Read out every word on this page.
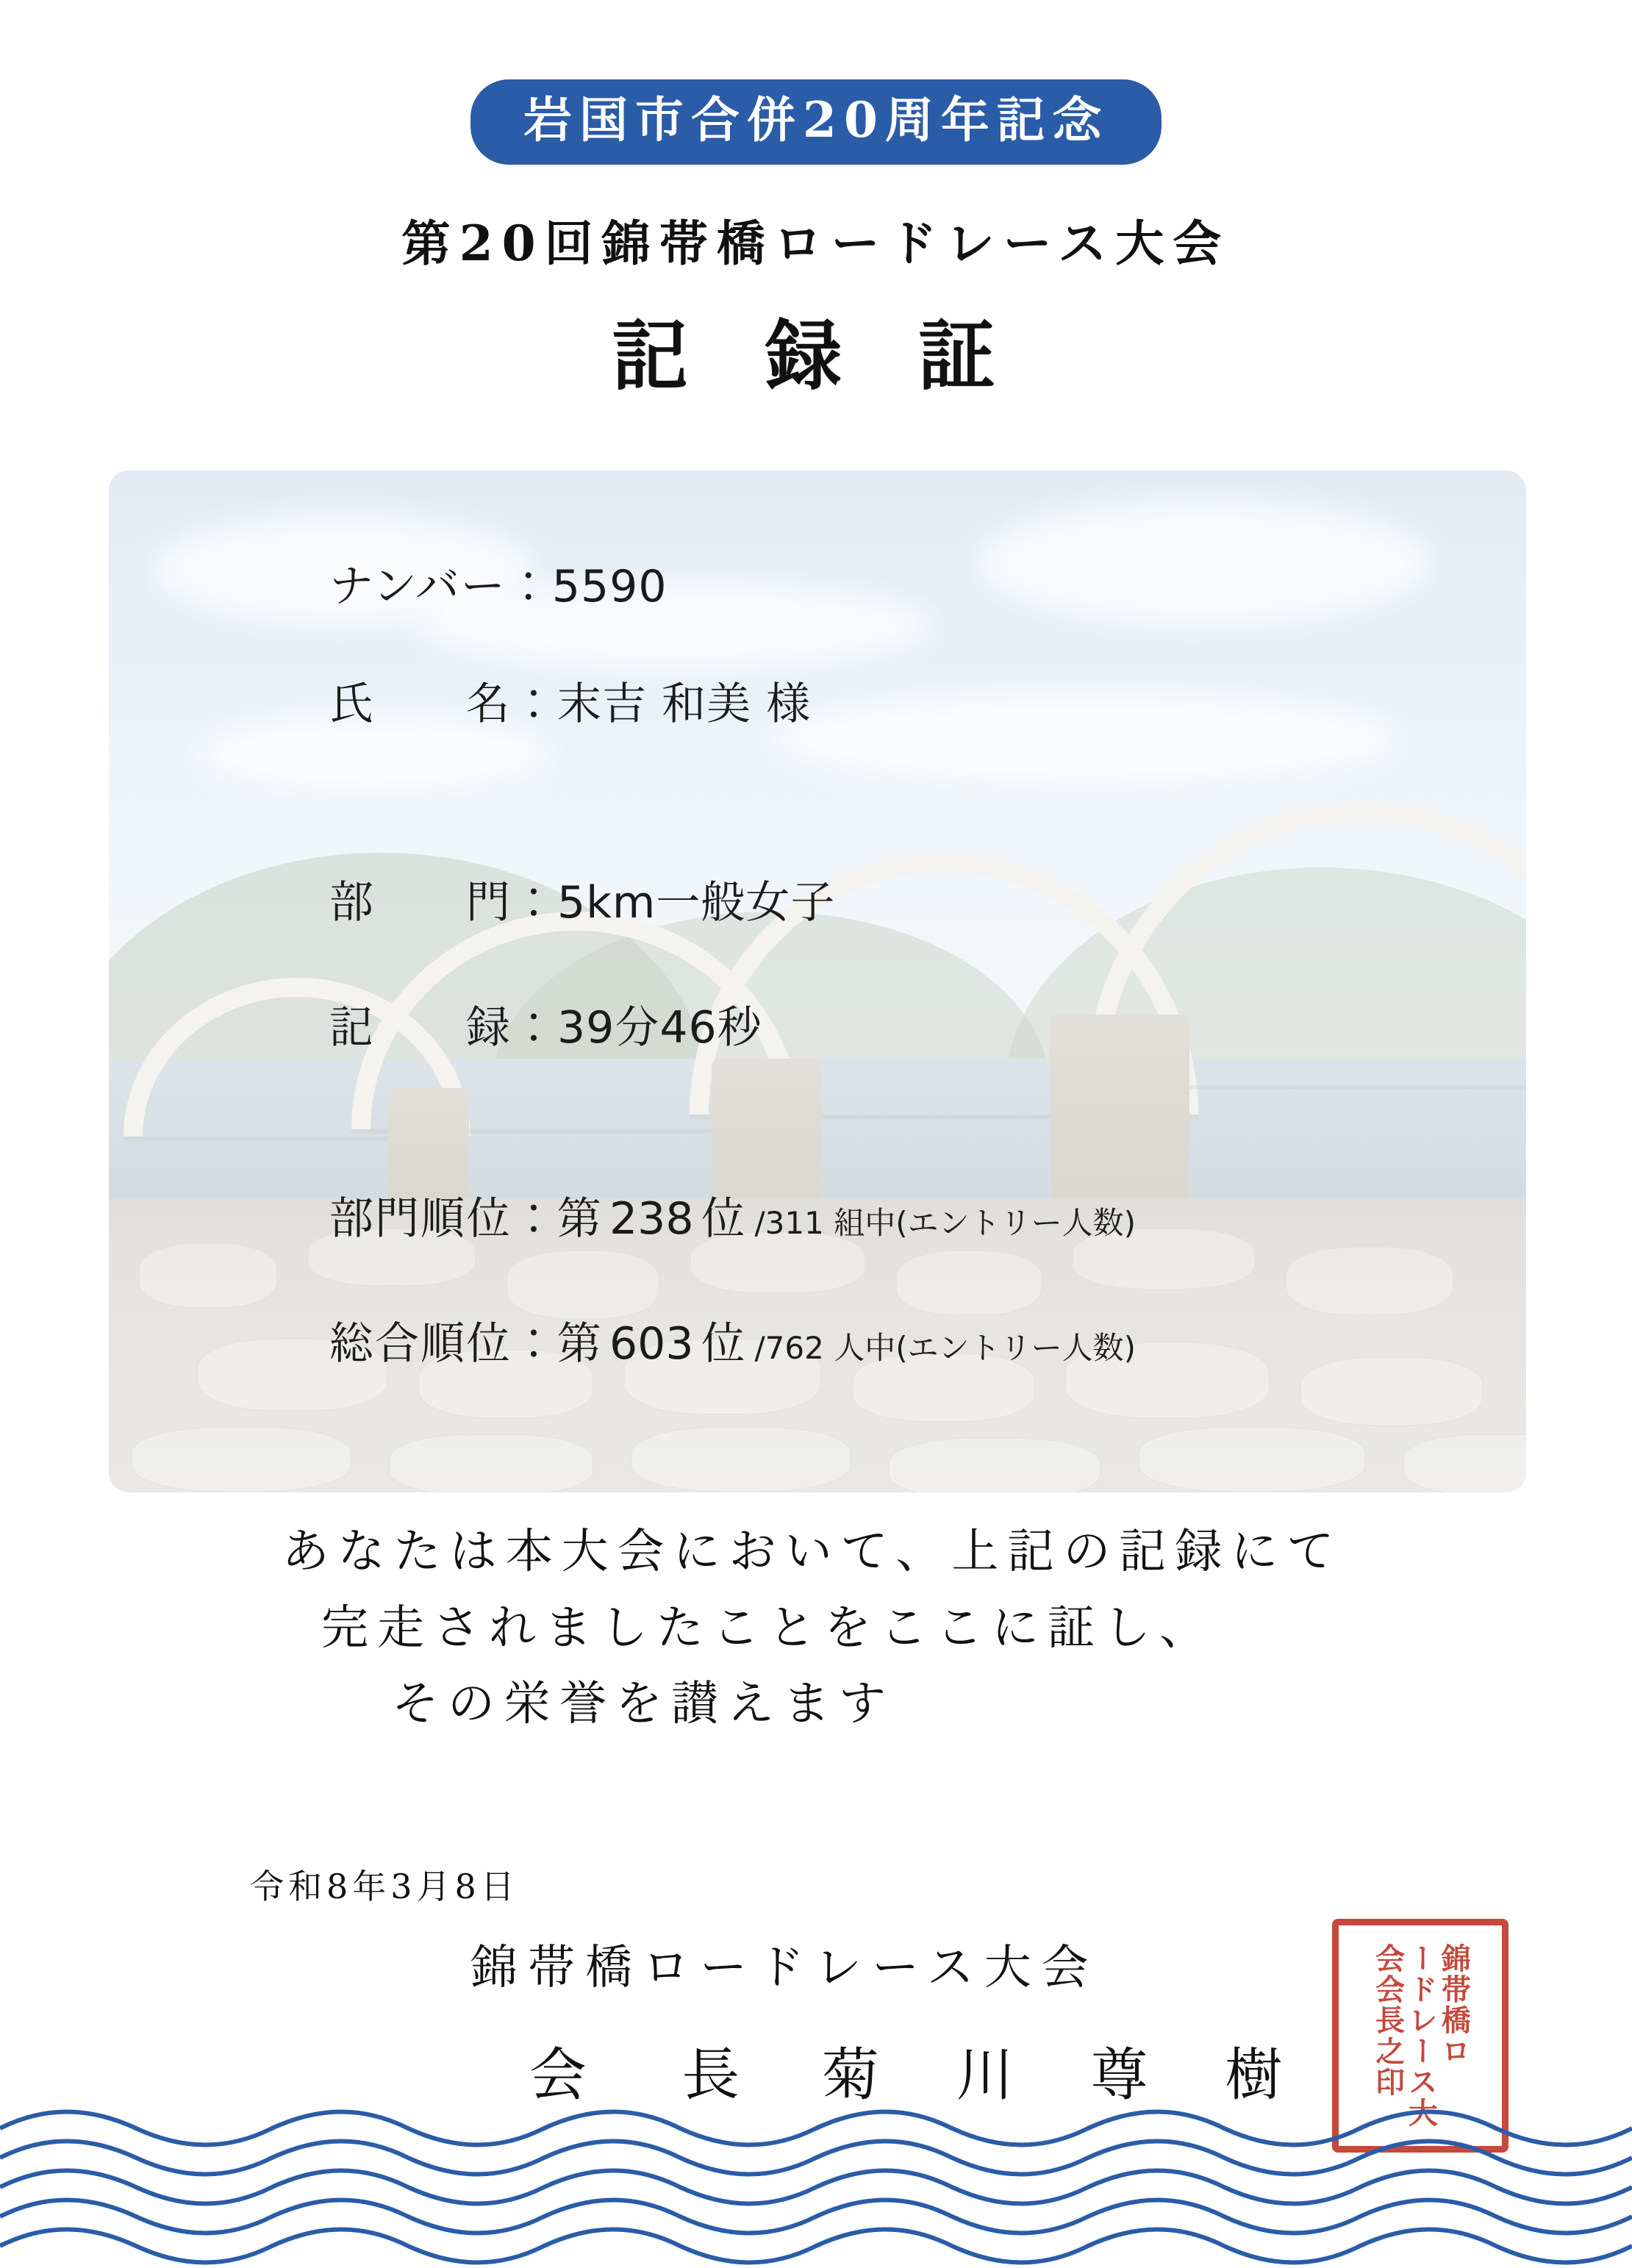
岩国市合併20周年記念
第20回錦帯橋ロードレース大会
記 録 証
ナンバー：5590
氏　　名：末吉 和美 様
部　　門：5km一般女子
記　　録：39分46秒
部門順位：第 238 位 /311 組中(エントリー人数)
総合順位：第 603 位 /762 人中(エントリー人数)
あなたは本大会において、上記の記録にて
完走されましたことをここに証し、
その栄誉を讃えます
令和8年3月8日
錦帯橋ロードレース大会
会　長 菊 川 尊 樹
錦帯橋ロ
ードレース大
会会長之印
